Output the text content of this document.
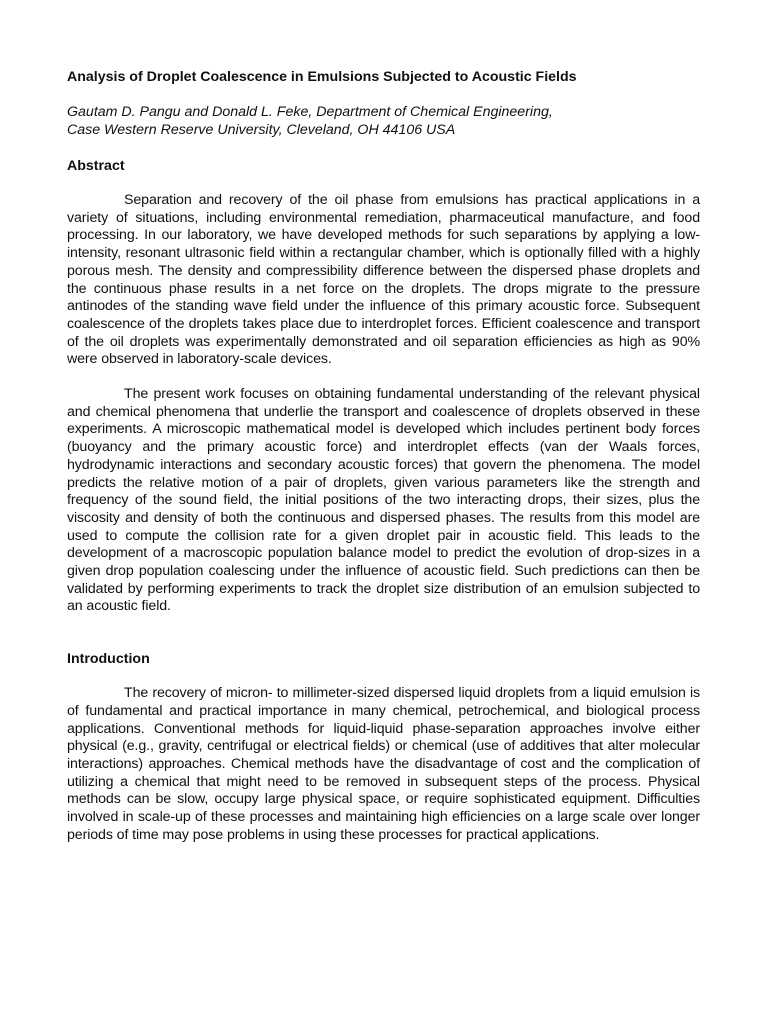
Analysis of Droplet Coalescence in Emulsions Subjected to Acoustic Fields
Gautam D. Pangu and Donald L. Feke, Department of Chemical Engineering,
Case Western Reserve University, Cleveland, OH 44106 USA
Abstract

Separation and recovery of the oil phase from emulsions has practical applications in a variety of situations, including environmental remediation, pharmaceutical manufacture, and food processing. In our laboratory, we have developed methods for such separations by applying a low-intensity, resonant ultrasonic field within a rectangular chamber, which is optionally filled with a highly porous mesh. The density and compressibility difference between the dispersed phase droplets and the continuous phase results in a net force on the droplets. The drops migrate to the pressure antinodes of the standing wave field under the influence of this primary acoustic force. Subsequent coalescence of the droplets takes place due to interdroplet forces. Efficient coalescence and transport of the oil droplets was experimentally demonstrated and oil separation efficiencies as high as 90% were observed in laboratory-scale devices.

The present work focuses on obtaining fundamental understanding of the relevant physical and chemical phenomena that underlie the transport and coalescence of droplets observed in these experiments. A microscopic mathematical model is developed which includes pertinent body forces (buoyancy and the primary acoustic force) and interdroplet effects (van der Waals forces, hydrodynamic interactions and secondary acoustic forces) that govern the phenomena. The model predicts the relative motion of a pair of droplets, given various parameters like the strength and frequency of the sound field, the initial positions of the two interacting drops, their sizes, plus the viscosity and density of both the continuous and dispersed phases. The results from this model are used to compute the collision rate for a given droplet pair in acoustic field. This leads to the development of a macroscopic population balance model to predict the evolution of drop-sizes in a given drop population coalescing under the influence of acoustic field. Such predictions can then be validated by performing experiments to track the droplet size distribution of an emulsion subjected to an acoustic field.

Introduction

The recovery of micron- to millimeter-sized dispersed liquid droplets from a liquid emulsion is of fundamental and practical importance in many chemical, petrochemical, and biological process applications. Conventional methods for liquid-liquid phase-separation approaches involve either physical (e.g., gravity, centrifugal or electrical fields) or chemical (use of additives that alter molecular interactions) approaches. Chemical methods have the disadvantage of cost and the complication of utilizing a chemical that might need to be removed in subsequent steps of the process. Physical methods can be slow, occupy large physical space, or require sophisticated equipment. Difficulties involved in scale-up of these processes and maintaining high efficiencies on a large scale over longer periods of time may pose problems in using these processes for practical applications.
